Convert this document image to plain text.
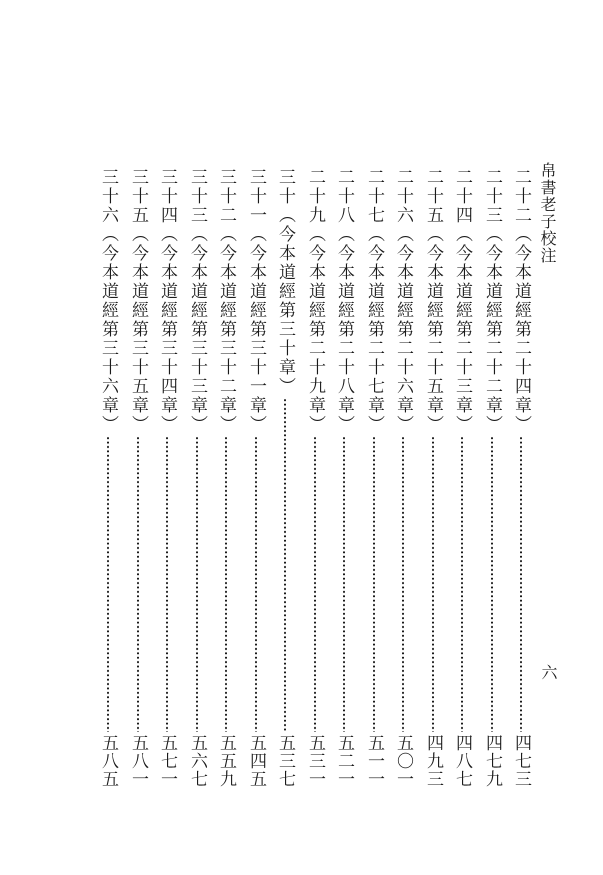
帛書老子校注
六
二十二（今本道經第二十四章）
四七三
二十三（今本道經第二十二章）
四七九
二十四（今本道經第二十三章）
四八七
二十五（今本道經第二十五章）
四九三
二十六（今本道經第二十六章）
五〇一
二十七（今本道經第二十七章）
五一一
二十八（今本道經第二十八章）
五二一
二十九（今本道經第二十九章）
五三一
三十（今本道經第三十章）
五三七
三十一（今本道經第三十一章）
五四五
三十二（今本道經第三十二章）
五五九
三十三（今本道經第三十三章）
五六七
三十四（今本道經第三十四章）
五七一
三十五（今本道經第三十五章）
五八一
三十六（今本道經第三十六章）
五八五
